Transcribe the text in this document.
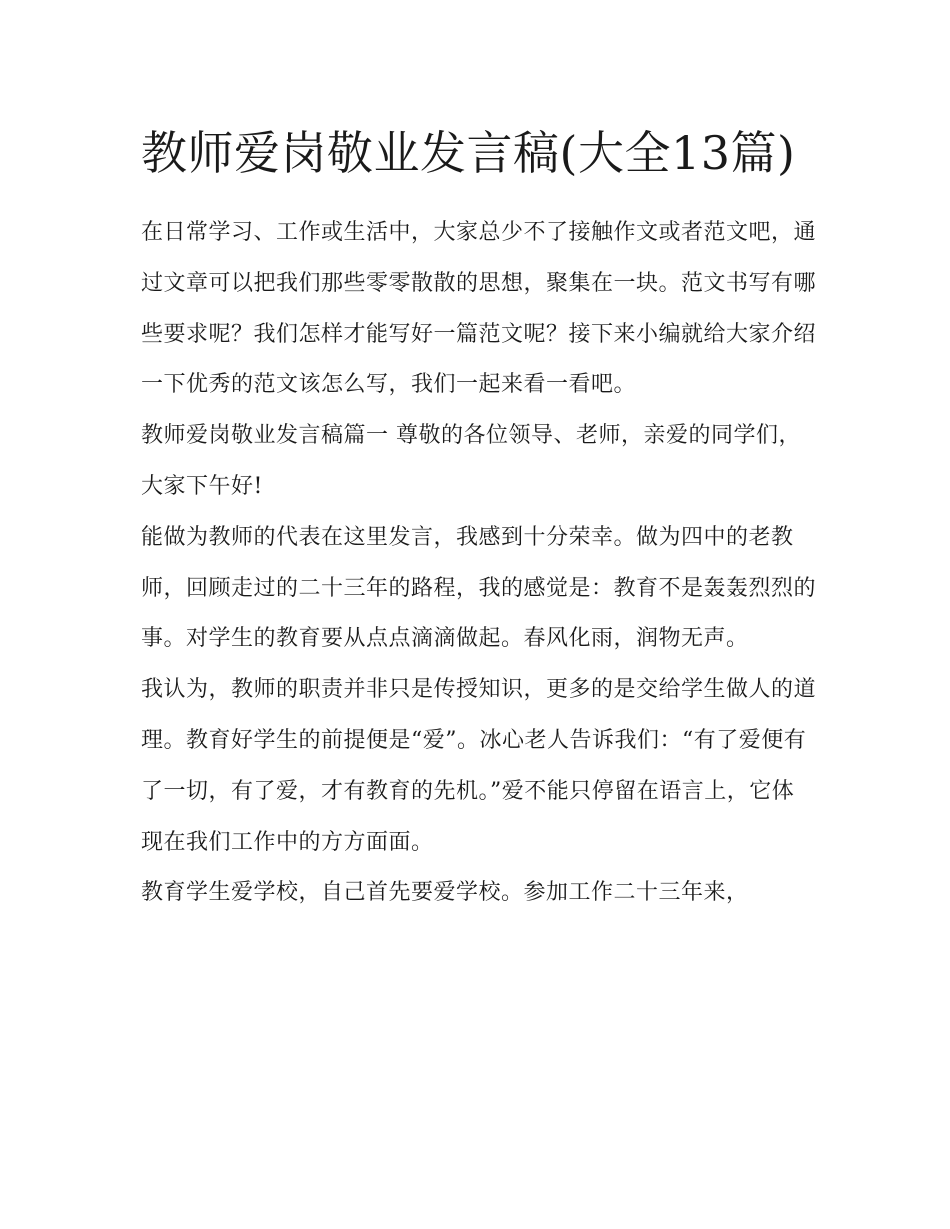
教师爱岗敬业发言稿(大全13篇)

在日常学习、工作或生活中，大家总少不了接触作文或者范文吧，通过文章可以把我们那些零零散散的思想，聚集在一块。范文书写有哪些要求呢？我们怎样才能写好一篇范文呢？接下来小编就给大家介绍一下优秀的范文该怎么写，我们一起来看一看吧。

教师爱岗敬业发言稿篇一 尊敬的各位领导、老师，亲爱的同学们，大家下午好!

能做为教师的代表在这里发言，我感到十分荣幸。做为四中的老教师，回顾走过的二十三年的路程，我的感觉是：教育不是轰轰烈烈的事。对学生的教育要从点点滴滴做起。春风化雨，润物无声。

我认为，教师的职责并非只是传授知识，更多的是交给学生做人的道理。教育好学生的前提便是“爱”。冰心老人告诉我们：“有了爱便有了一切，有了爱，才有教育的先机。”爱不能只停留在语言上，它体现在我们工作中的方方面面。

教育学生爱学校，自己首先要爱学校。参加工作二十三年来，
